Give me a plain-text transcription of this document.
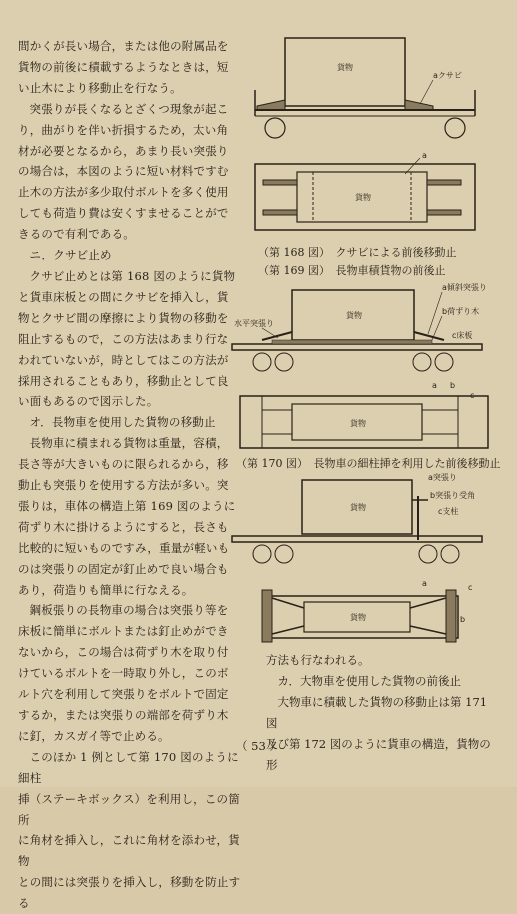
間かくが長い場合，または他の附属品を

貨物の前後に積載するようなときは，短

い止木により移動止を行なう。

突張りが長くなるとざくつ現象が起こ

り，曲がりを伴い折損するため，太い角

材が必要となるから，あまり長い突張り

の場合は，本図のように短い材料ですむ

止木の方法が多少取付ボルトを多く使用

しても荷造り費は安くすませることがで

きるので有利である。

ニ．クサビ止め

クサビ止めとは第 168 図のように貨物

と貨車床板との間にクサビを挿入し，貨

物とクサビ間の摩擦により貨物の移動を

阻止するもので，この方法はあまり行な

われていないが，時としてはこの方法が

採用されることもあり，移動止として良

い面もあるので図示した。

オ．長物車を使用した貨物の移動止

長物車に積まれる貨物は重量，容積，

長さ等が大きいものに限られるから，移

動止も突張りを使用する方法が多い。突

張りは，車体の構造上第 169 図のように

荷ずり木に掛けるようにすると，長さも

比較的に短いものですみ，重量が軽いも

のは突張りの固定が釘止めで良い場合も

あり，荷造りも簡単に行なえる。

鋼板張りの長物車の場合は突張り等を

床板に簡単にボルトまたは釘止めができ

ないから，この場合は荷ずり木を取り付

けているボルトを一時取り外し，このボ

ルト穴を利用して突張りをボルトで固定

するか，または突張りの端部を荷ずり木

に釘，カスガイ等で止める。

このほか 1 例として第 170 図のように細柱

挿（ステーキボックス）を利用し，この箇所

に角材を挿入し，これに角材を添わせ，貨物

との間には突張りを挿入し，移動を防止する

貨物
aクサビ
貨物
a
（第 168 図）　クサビによる前後移動止
（第 169 図）　長物車積貨物の前後止
貨物
水平突張り
a傾斜突張り
b荷ずり木
c床板
貨物
a b
c
（第 170 図）　長物車の細柱挿を利用した前後移動止
貨物
a突張り
b突張り受角
c支柱
貨物
a	c
b

方法も行なわれる。

カ．大物車を使用した貨物の前後止

大物車に積載した貨物の移動止は第 171 図

及び第 172 図のように貨車の構造，貨物の形

（ 53 ）
